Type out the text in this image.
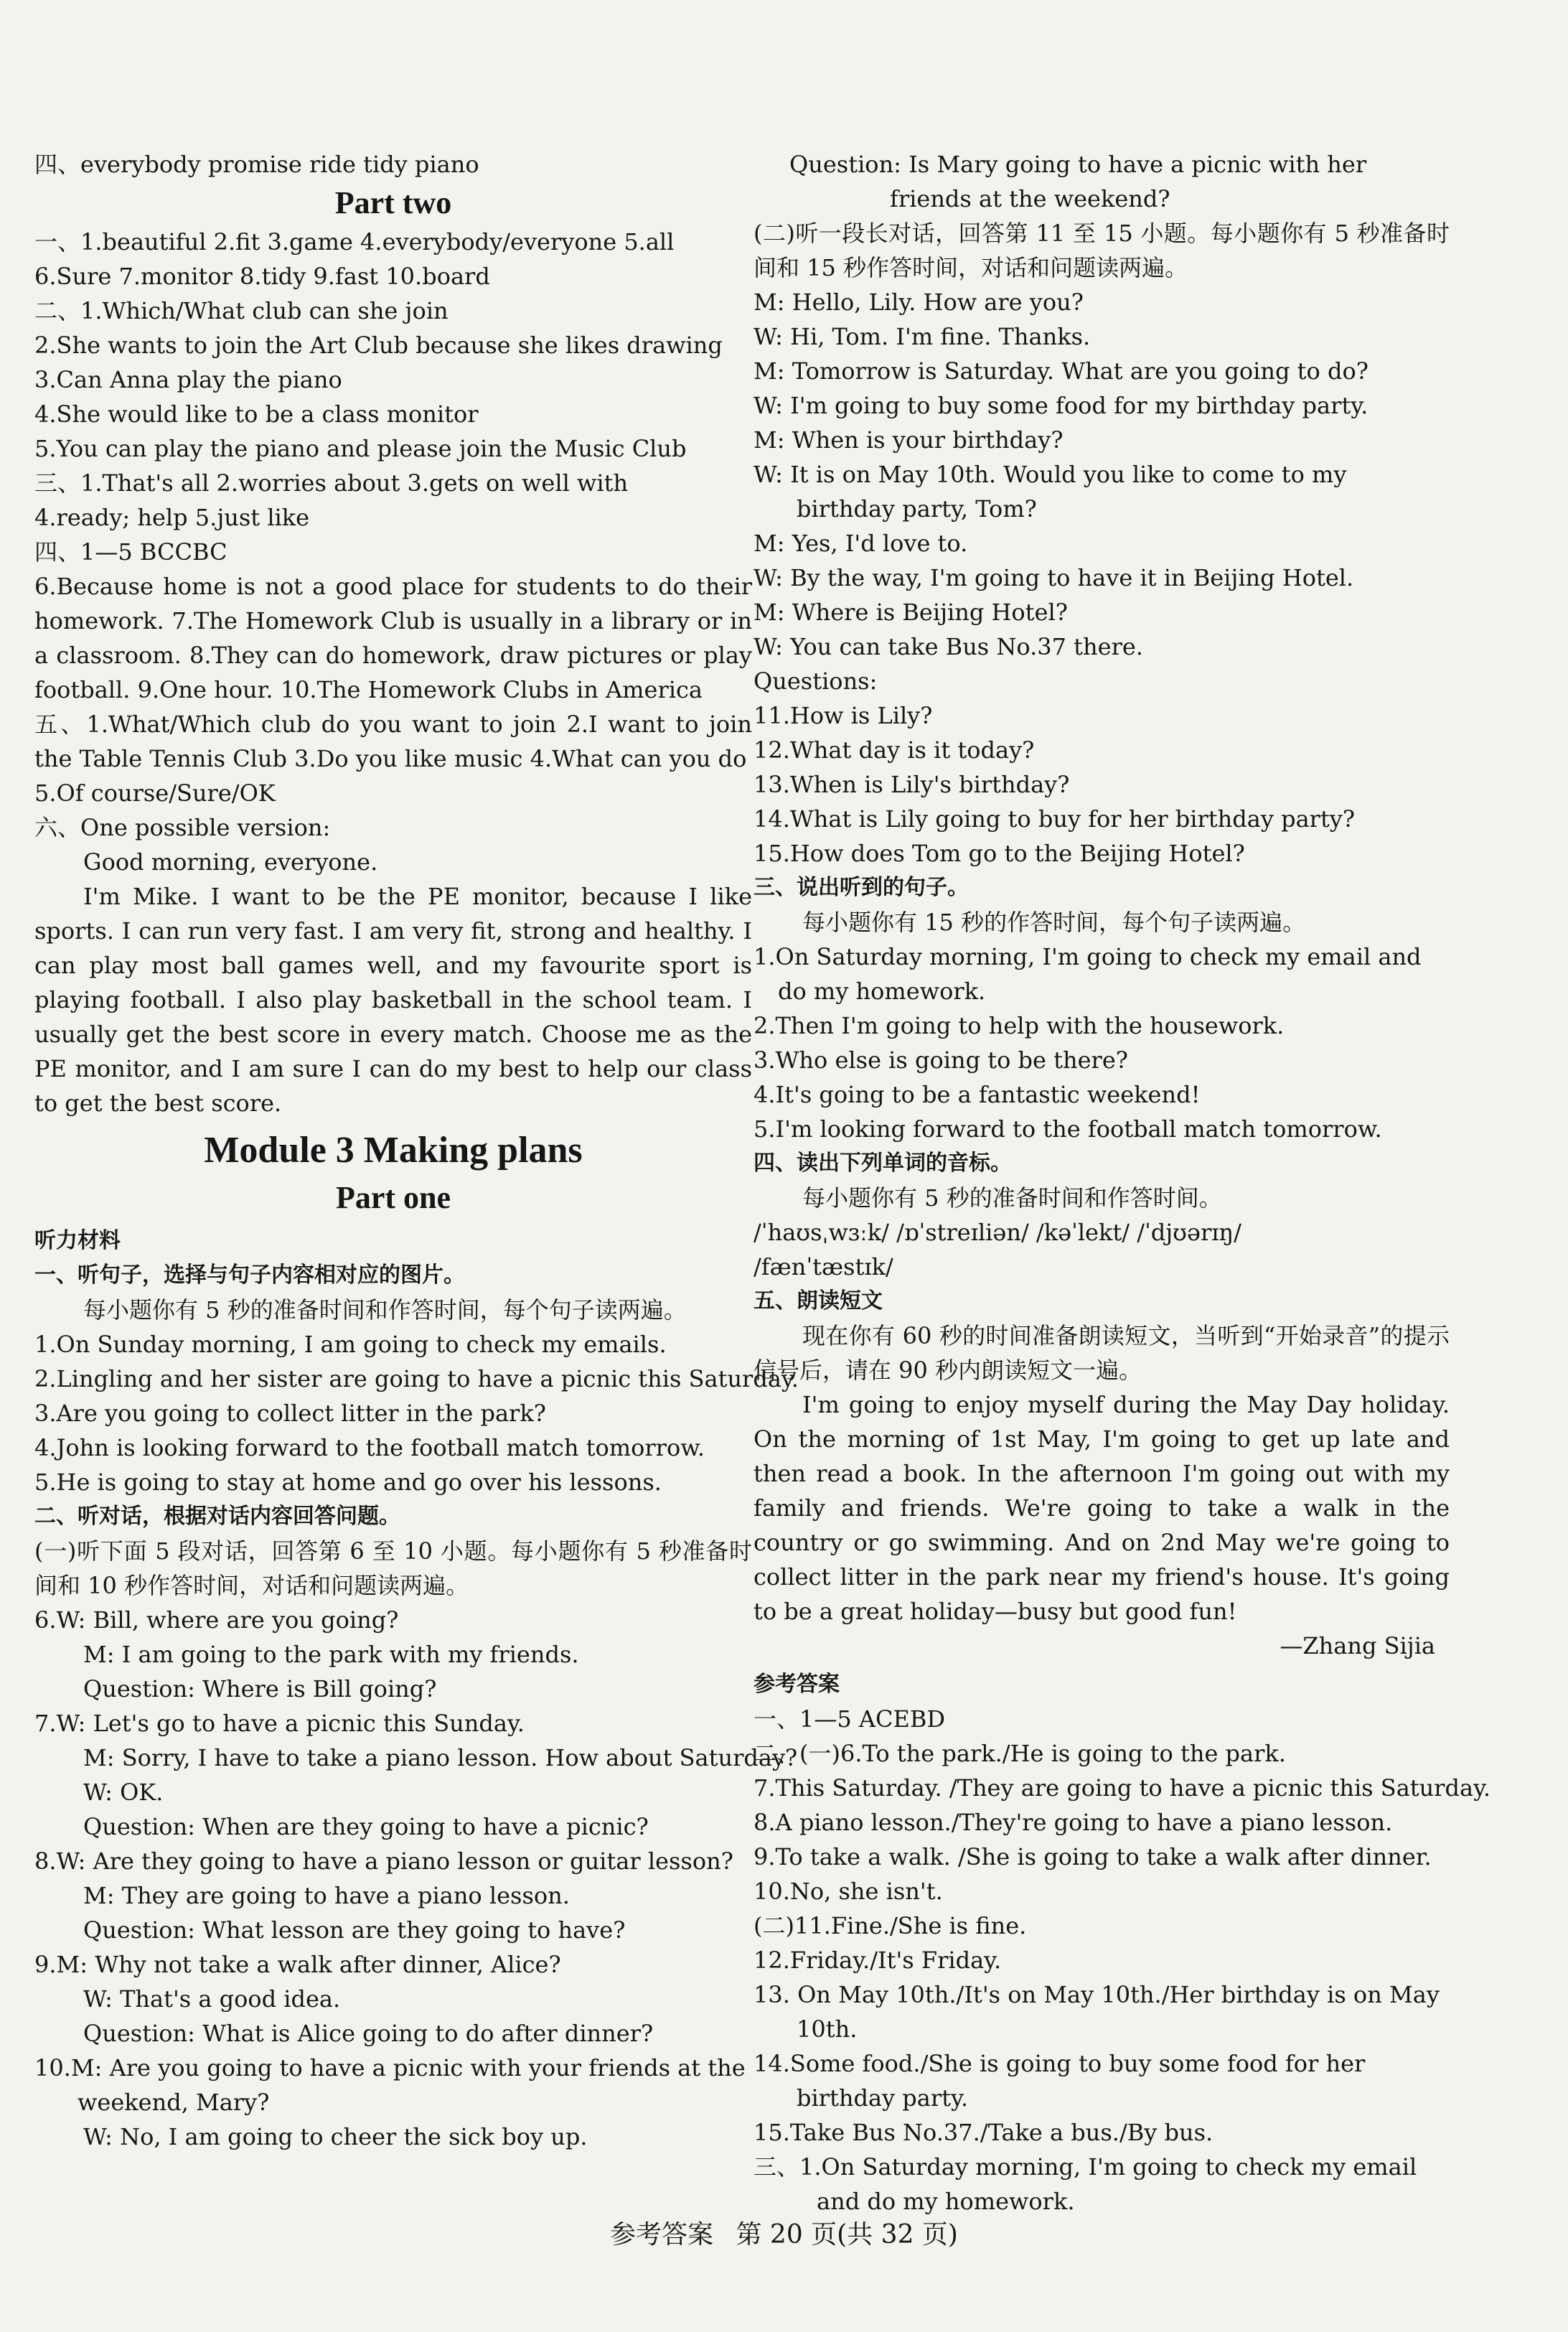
四、everybody promise ride tidy piano
Part two
一、1.beautiful 2.fit 3.game 4.everybody/everyone 5.all
6.Sure 7.monitor 8.tidy 9.fast 10.board
二、1.Which/What club can she join
2.She wants to join the Art Club because she likes drawing
3.Can Anna play the piano
4.She would like to be a class monitor
5.You can play the piano and please join the Music Club
三、1.That's all 2.worries about 3.gets on well with
4.ready; help 5.just like
四、1—5 BCCBC
6.Because home is not a good place for students to do their homework. 7.The Homework Club is usually in a library or in a classroom. 8.They can do homework, draw pictures or play football. 9.One hour. 10.The Homework Clubs in America
五、1.What/Which club do you want to join 2.I want to join the Table Tennis Club 3.Do you like music 4.What can you do
5.Of course/Sure/OK
六、One possible version:
Good morning, everyone.
I'm Mike. I want to be the PE monitor, because I like sports. I can run very fast. I am very fit, strong and healthy. I can play most ball games well, and my favourite sport is playing football. I also play basketball in the school team. I usually get the best score in every match. Choose me as the PE monitor, and I am sure I can do my best to help our class to get the best score.
Module 3 Making plans
Part one
听力材料
一、听句子，选择与句子内容相对应的图片。
每小题你有 5 秒的准备时间和作答时间，每个句子读两遍。
1.On Sunday morning, I am going to check my emails.
2.Lingling and her sister are going to have a picnic this Saturday.
3.Are you going to collect litter in the park?
4.John is looking forward to the football match tomorrow.
5.He is going to stay at home and go over his lessons.
二、听对话，根据对话内容回答问题。
(一)听下面 5 段对话，回答第 6 至 10 小题。每小题你有 5 秒准备时间和 10 秒作答时间，对话和问题读两遍。
6.W: Bill, where are you going?
M: I am going to the park with my friends.
Question: Where is Bill going?
7.W: Let's go to have a picnic this Sunday.
M: Sorry, I have to take a piano lesson. How about Saturday?
W: OK.
Question: When are they going to have a picnic?
8.W: Are they going to have a piano lesson or guitar lesson?
M: They are going to have a piano lesson.
Question: What lesson are they going to have?
9.M: Why not take a walk after dinner, Alice?
W: That's a good idea.
Question: What is Alice going to do after dinner?
10.M: Are you going to have a picnic with your friends at the weekend, Mary?
W: No, I am going to cheer the sick boy up.
Question: Is Mary going to have a picnic with her friends at the weekend?
(二)听一段长对话，回答第 11 至 15 小题。每小题你有 5 秒准备时间和 15 秒作答时间，对话和问题读两遍。
M: Hello, Lily. How are you?
W: Hi, Tom. I'm fine. Thanks.
M: Tomorrow is Saturday. What are you going to do?
W: I'm going to buy some food for my birthday party.
M: When is your birthday?
W: It is on May 10th. Would you like to come to my birthday party, Tom?
M: Yes, I'd love to.
W: By the way, I'm going to have it in Beijing Hotel.
M: Where is Beijing Hotel?
W: You can take Bus No.37 there.
Questions:
11.How is Lily?
12.What day is it today?
13.When is Lily's birthday?
14.What is Lily going to buy for her birthday party?
15.How does Tom go to the Beijing Hotel?
三、说出听到的句子。
每小题你有 15 秒的作答时间，每个句子读两遍。
1.On Saturday morning, I'm going to check my email and do my homework.
2.Then I'm going to help with the housework.
3.Who else is going to be there?
4.It's going to be a fantastic weekend!
5.I'm looking forward to the football match tomorrow.
四、读出下列单词的音标。
每小题你有 5 秒的准备时间和作答时间。
/ˈhaʊsˌwɜːk/ /ɒˈstreɪliən/ /kəˈlekt/ /ˈdjʊərɪŋ/
/fænˈtæstɪk/
五、朗读短文
现在你有 60 秒的时间准备朗读短文，当听到“开始录音”的提示信号后，请在 90 秒内朗读短文一遍。
I'm going to enjoy myself during the May Day holiday. On the morning of 1st May, I'm going to get up late and then read a book. In the afternoon I'm going out with my family and friends. We're going to take a walk in the country or go swimming. And on 2nd May we're going to collect litter in the park near my friend's house. It's going to be a great holiday—busy but good fun!
—Zhang Sijia
参考答案
一、1—5 ACEBD
二、(一)6.To the park./He is going to the park.
7.This Saturday. /They are going to have a picnic this Saturday.
8.A piano lesson./They're going to have a piano lesson.
9.To take a walk. /She is going to take a walk after dinner.
10.No, she isn't.
(二)11.Fine./She is fine.
12.Friday./It's Friday.
13. On May 10th./It's on May 10th./Her birthday is on May 10th.
14.Some food./She is going to buy some food for her birthday party.
15.Take Bus No.37./Take a bus./By bus.
三、1.On Saturday morning, I'm going to check my email and do my homework.
参考答案 第 20 页(共 32 页)
